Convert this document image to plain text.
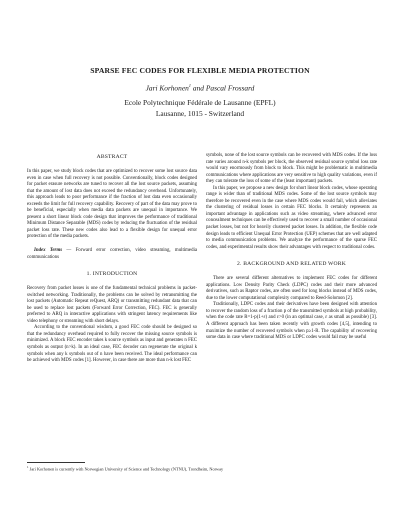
SPARSE FEC CODES FOR FLEXIBLE MEDIA PROTECTION
Jari Korhonen$^1$ and Pascal Frossard
Ecole Polytechnique Fédérale de Lausanne (EPFL)
Lausanne, 1015 - Switzerland
ABSTRACT

In this paper, we study block codes that are optimized to recover some lost source data even in case when full recovery is not possible. Conventionally, block codes designed for packet erasure networks are tuned to recover all the lost source packets, assuming that the amount of lost data does not exceed the redundancy overhead. Unfortunately, this approach leads to poor performance if the fraction of lost data even occasionally exceeds the limit for full recovery capability. Recovery of part of the data may prove to be beneficial, especially when media data packets are unequal in importance. We present a short linear block code design that improves the performance of traditional Minimum Distance Separable (MDS) codes by reducing the fluctuation of the residual packet loss rate. These new codes also lead to a flexible design for unequal error protection of the media packets.

Index Terms — Forward error correction, video streaming, multimedia communications

1. INTRODUCTION

Recovery from packet losses is one of the fundamental technical problems in packet-switched networking. Traditionally, the problems can be solved by retransmitting the lost packets (Automatic Repeat reQuest, ARQ) or transmitting redundant data that can be used to replace lost packets (Forward Error Correction, FEC). FEC is generally preferred to ARQ in interactive applications with stringent latency requirements like video telephony or streaming with short delays.

According to the conventional wisdom, a good FEC code should be designed so that the redundancy overhead required to fully recover the missing source symbols is minimized. A block FEC encoder takes k source symbols as input and generates n FEC symbols as output (n>k). In an ideal case, FEC decoder can regenerate the original k symbols when any k symbols out of n have been received. The ideal performance can be achieved with MDS codes [1]. However, in case there are more than n-k lost FEC

symbols, none of the lost source symbols can be recovered with MDS codes. If the loss rate varies around n-k symbols per block, the observed residual source symbol loss rate would vary enormously from block to block. This might be problematic in multimedia communications where applications are very sensitive to high quality variations, even if they can tolerate the loss of some of the (least important) packets.

In this paper, we propose a new design for short linear block codes, whose operating range is wider than of traditional MDS codes. Some of the lost source symbols may therefore be recovered even in the case where MDS codes would fail, which alleviates the clustering of residual losses in certain FEC blocks. It certainly represents an important advantage in applications such as video streaming, where advanced error concealment techniques can be effectively used to recover a small number of occasional packet losses, but not for heavily clustered packet losses. In addition, the flexible code design leads to efficient Unequal Error Protection (UEP) schemes that are well adapted to media communication problems. We analyze the performance of the sparse FEC codes, and experimental results show their advantages with respect to traditional codes.

2. BACKGROUND AND RELATED WORK

There are several different alternatives to implement FEC codes for different applications. Low Density Parity Check (LDPC) codes and their more advanced derivatives, such as Raptor codes, are often used for long blocks instead of MDS codes, due to the lower computational complexity compared to Reed-Solomon [2].

Traditionally, LDPC codes and their derivatives have been designed with attention to recover the random loss of a fraction p of the transmitted symbols at high probability, when the code rate R=1-p(1+ε) and ε>0 (in an optimal case, ε as small as possible) [3]. A different approach has been taken recently with growth codes [4,5], intending to maximize the number of recovered symbols when p≥1-R. The capability of recovering some data in case where traditional MDS or LDPC codes would fail may be useful

$^1$ Jari Korhonen is currently with Norwegian University of Science and Technology (NTNU), Trondheim, Norway
